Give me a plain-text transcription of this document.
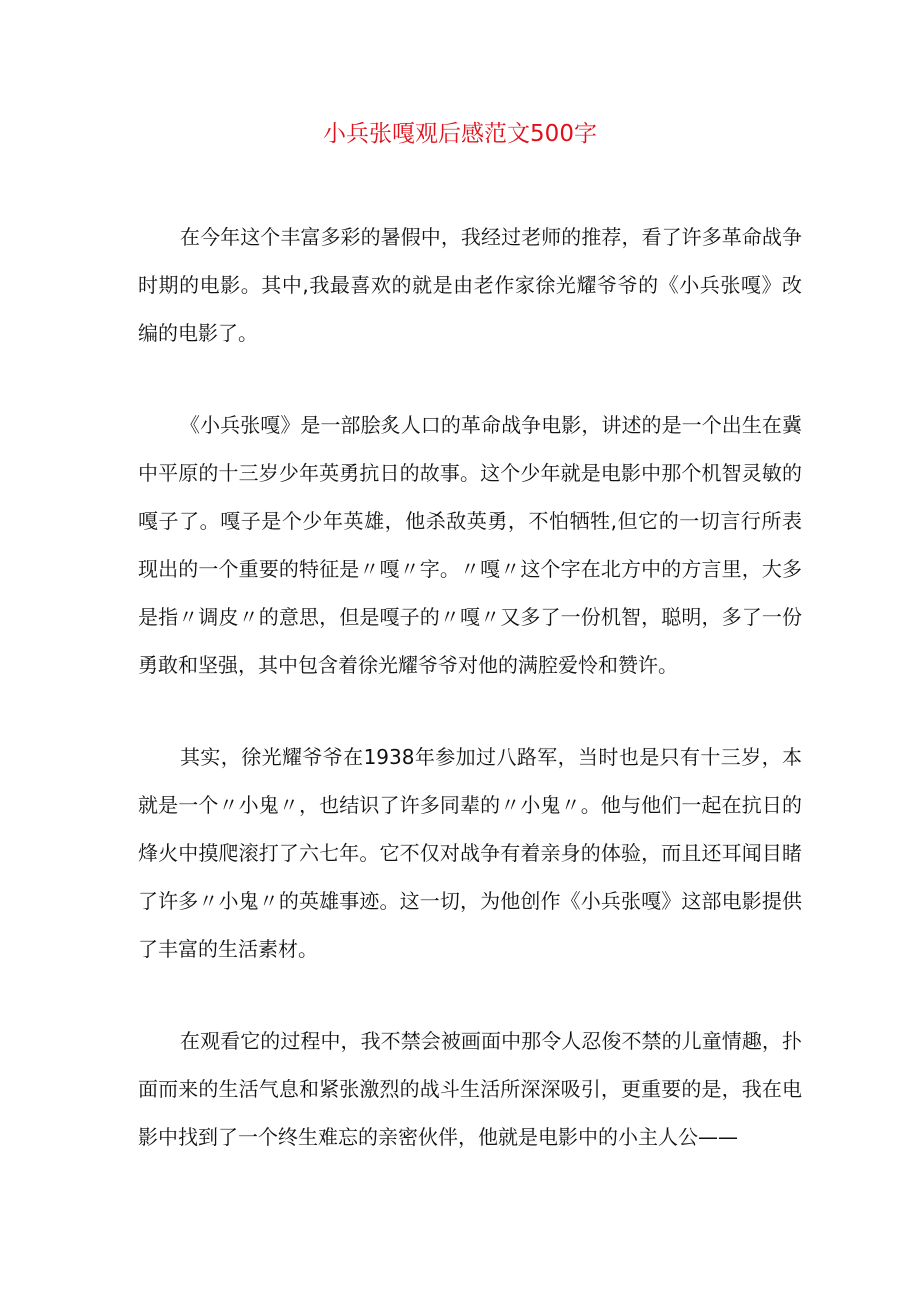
小兵张嘎观后感范文500字

在今年这个丰富多彩的暑假中，我经过老师的推荐，看了许多革命战争时期的电影。其中,我最喜欢的就是由老作家徐光耀爷爷的《小兵张嘎》改编的电影了。

《小兵张嘎》是一部脍炙人口的革命战争电影，讲述的是一个出生在冀中平原的十三岁少年英勇抗日的故事。这个少年就是电影中那个机智灵敏的嘎子了。嘎子是个少年英雄，他杀敌英勇，不怕牺牲,但它的一切言行所表现出的一个重要的特征是〃嘎〃字。〃嘎〃这个字在北方中的方言里，大多是指〃调皮〃的意思，但是嘎子的〃嘎〃又多了一份机智，聪明，多了一份勇敢和坚强，其中包含着徐光耀爷爷对他的满腔爱怜和赞许。

其实，徐光耀爷爷在1938年参加过八路军，当时也是只有十三岁，本就是一个〃小鬼〃，也结识了许多同辈的〃小鬼〃。他与他们一起在抗日的烽火中摸爬滚打了六七年。它不仅对战争有着亲身的体验，而且还耳闻目睹了许多〃小鬼〃的英雄事迹。这一切，为他创作《小兵张嘎》这部电影提供了丰富的生活素材。

在观看它的过程中，我不禁会被画面中那令人忍俊不禁的儿童情趣，扑面而来的生活气息和紧张激烈的战斗生活所深深吸引，更重要的是，我在电影中找到了一个终生难忘的亲密伙伴，他就是电影中的小主人公——
